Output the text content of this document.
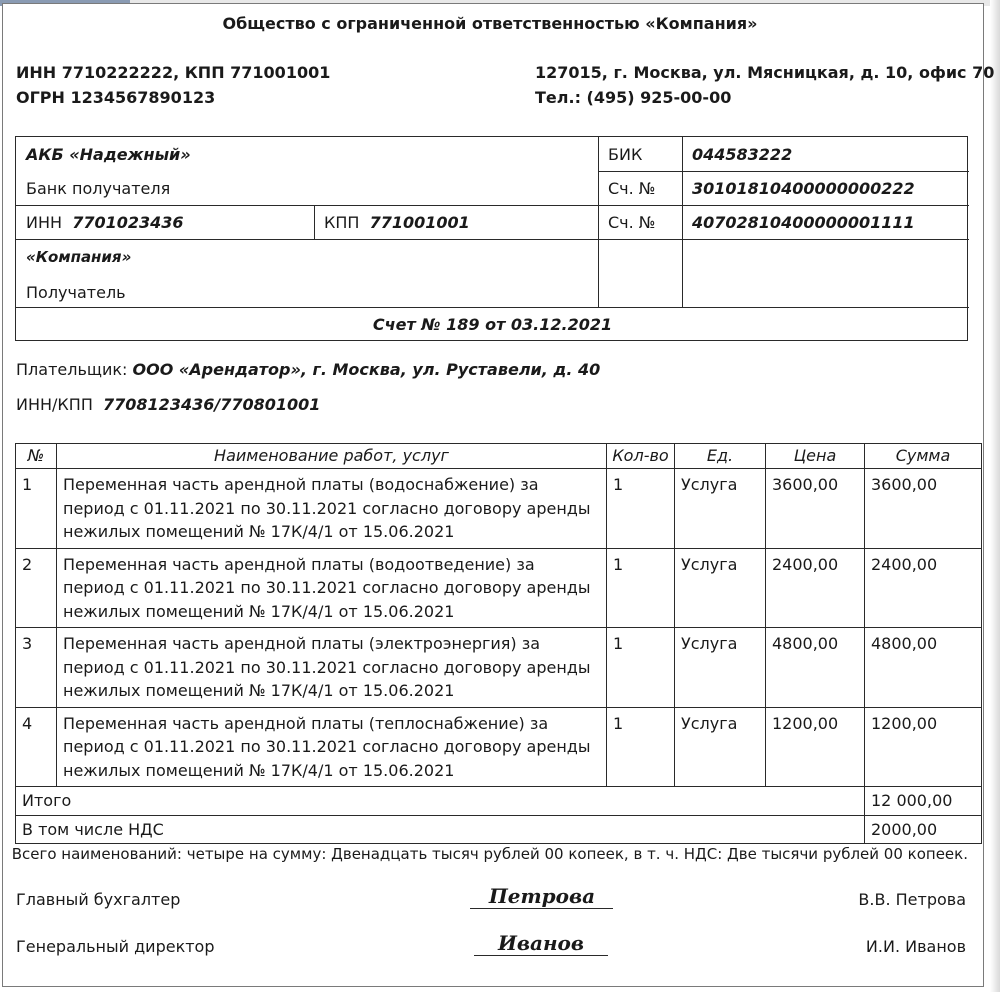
Общество с ограниченной ответственностью «Компания»
ИНН 7710222222, КПП 771001001
ОГРН 1234567890123
127015, г. Москва, ул. Мясницкая, д. 10, офис 70
Тел.: (495) 925-00-00
АКБ «Надежный»
Банк получателя
БИК	044583222
Сч. № 30101810400000000222
ИНН 7701023436	КПП 771001001	Сч. № 40702810400000001111
«Компания»
Получатель
Счет № 189 от 03.12.2021
Плательщик: ООО «Арендатор», г. Москва, ул. Руставели, д. 40
ИНН/КПП 7708123436/770801001
№	Наименование работ, услуг	Кол-во	Ед.	Цена	Сумма
1	Переменная часть арендной платы (водоснабжение) за период с 01.11.2021 по 30.11.2021 согласно договору аренды нежилых помещений № 17К/4/1 от 15.06.2021	1	Услуга	3600,00	3600,00
2	Переменная часть арендной платы (водоотведение) за период с 01.11.2021 по 30.11.2021 согласно договору аренды нежилых помещений № 17К/4/1 от 15.06.2021	1	Услуга	2400,00	2400,00
3	Переменная часть арендной платы (электроэнергия) за период с 01.11.2021 по 30.11.2021 согласно договору аренды нежилых помещений № 17К/4/1 от 15.06.2021	1	Услуга	4800,00	4800,00
4	Переменная часть арендной платы (теплоснабжение) за период с 01.11.2021 по 30.11.2021 согласно договору аренды нежилых помещений № 17К/4/1 от 15.06.2021	1	Услуга	1200,00	1200,00
Итого					12 000,00
В том числе НДС					2000,00
Всего наименований: четыре на сумму: Двенадцать тысяч рублей 00 копеек, в т. ч. НДС: Две тысячи рублей 00 копеек.
Главный бухгалтер	Петрова	В.В. Петрова
Генеральный директор	Иванов	И.И. Иванов
